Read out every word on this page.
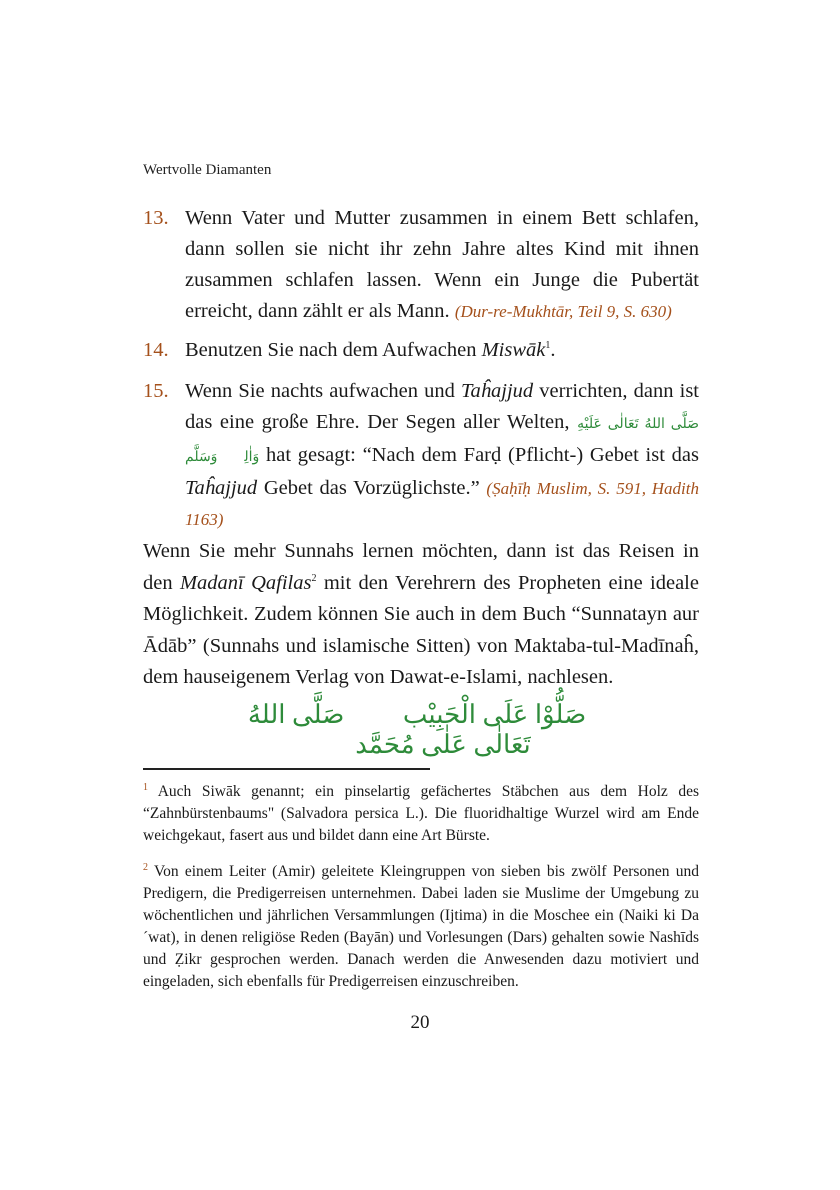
Wertvolle Diamanten
13. Wenn Vater und Mutter zusammen in einem Bett schlafen, dann sollen sie nicht ihr zehn Jahre altes Kind mit ihnen zusammen schlafen lassen. Wenn ein Junge die Pubertät erreicht, dann zählt er als Mann. (Dur-re-Mukhtār, Teil 9, S. 630)
14. Benutzen Sie nach dem Aufwachen Miswāk$^1$.
15. Wenn Sie nachts aufwachen und Taĥajjud verrichten, dann ist das eine große Ehre. Der Segen aller Welten, صَلَّى اللهُ تَعَالٰى عَلَيْهِ وَاٰلِهٖ وَسَلَّم hat gesagt: “Nach dem Farḍ (Pflicht-) Gebet ist das Taĥajjud Gebet das Vorzüglichste.” (Ṣaḥīḥ Muslim, S. 591, Hadith 1163)
Wenn Sie mehr Sunnahs lernen möchten, dann ist das Reisen in den Madanī Qafilas$^2$ mit den Verehrern des Propheten eine ideale Möglichkeit. Zudem können Sie auch in dem Buch “Sunnatayn aur Ādāb” (Sunnahs und islamische Sitten) von Maktaba-tul-Madīnaĥ, dem hauseigenem Verlag von Dawat-e-Islami, nachlesen.
صَلُّوْا عَلَى الْحَبِيْب صَلَّى اللهُ تَعَالٰى عَلٰى مُحَمَّد
$^1$ Auch Siwāk genannt; ein pinselartig gefächertes Stäbchen aus dem Holz des “Zahnbürstenbaums" (Salvadora persica L.). Die fluoridhaltige Wurzel wird am Ende weichgekaut, fasert aus und bildet dann eine Art Bürste.
$^2$ Von einem Leiter (Amir) geleitete Kleingruppen von sieben bis zwölf Personen und Predigern, die Predigerreisen unternehmen. Dabei laden sie Muslime der Umgebung zu wöchentlichen und jährlichen Versammlungen (Ijtima) in die Moschee ein (Naiki ki Da´wat), in denen religiöse Reden (Bayān) und Vorlesungen (Dars) gehalten sowie Nashīds und Ẓikr gesprochen werden. Danach werden die Anwesenden dazu motiviert und eingeladen, sich ebenfalls für Predigerreisen einzuschreiben.
20
